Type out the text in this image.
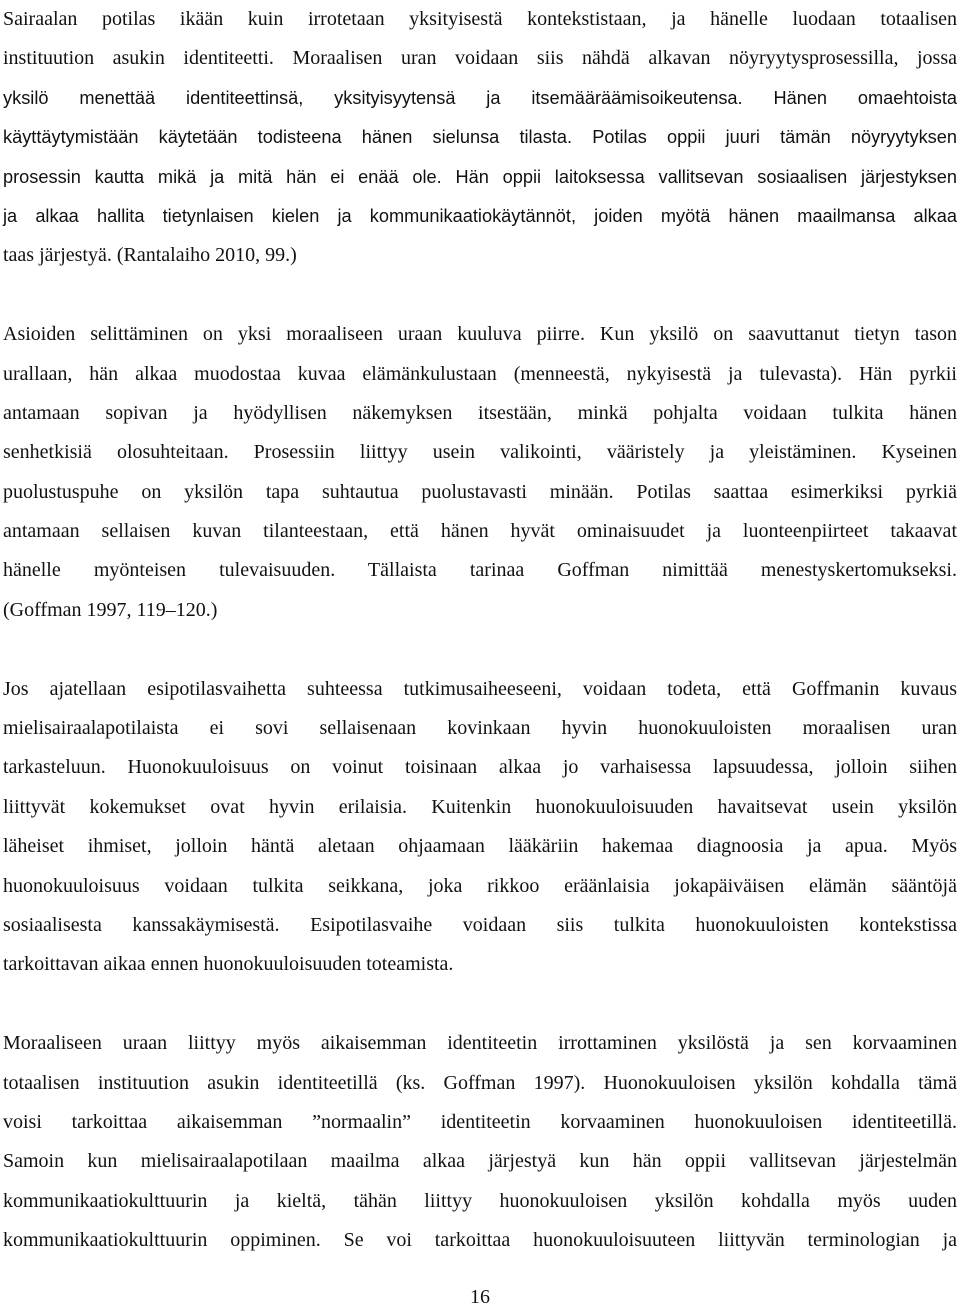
Sairaalan potilas ikään kuin irrotetaan yksityisestä kontekstistaan, ja hänelle luodaan totaalisen
instituution asukin identiteetti. Moraalisen uran voidaan siis nähdä alkavan nöyryytysprosessilla, jossa
yksilö menettää identiteettinsä, yksityisyytensä ja itsemääräämisoikeutensa. Hänen omaehtoista
käyttäytymistään käytetään todisteena hänen sielunsa tilasta. Potilas oppii juuri tämän nöyryytyksen
prosessin kautta mikä ja mitä hän ei enää ole. Hän oppii laitoksessa vallitsevan sosiaalisen järjestyksen
ja alkaa hallita tietynlaisen kielen ja kommunikaatiokäytännöt, joiden myötä hänen maailmansa alkaa
taas järjestyä. (Rantalaiho 2010, 99.)
Asioiden selittäminen on yksi moraaliseen uraan kuuluva piirre. Kun yksilö on saavuttanut tietyn tason
urallaan, hän alkaa muodostaa kuvaa elämänkulustaan (menneestä, nykyisestä ja tulevasta). Hän pyrkii
antamaan sopivan ja hyödyllisen näkemyksen itsestään, minkä pohjalta voidaan tulkita hänen
senhetkisiä olosuhteitaan. Prosessiin liittyy usein valikointi, vääristely ja yleistäminen. Kyseinen
puolustuspuhe on yksilön tapa suhtautua puolustavasti minään. Potilas saattaa esimerkiksi pyrkiä
antamaan sellaisen kuvan tilanteestaan, että hänen hyvät ominaisuudet ja luonteenpiirteet takaavat
hänelle myönteisen tulevaisuuden. Tällaista tarinaa Goffman nimittää menestyskertomukseksi.
(Goffman 1997, 119–120.)
Jos ajatellaan esipotilasvaihetta suhteessa tutkimusaiheeseeni, voidaan todeta, että Goffmanin kuvaus
mielisairaalapotilaista ei sovi sellaisenaan kovinkaan hyvin huonokuuloisten moraalisen uran
tarkasteluun. Huonokuuloisuus on voinut toisinaan alkaa jo varhaisessa lapsuudessa, jolloin siihen
liittyvät kokemukset ovat hyvin erilaisia. Kuitenkin huonokuuloisuuden havaitsevat usein yksilön
läheiset ihmiset, jolloin häntä aletaan ohjaamaan lääkäriin hakemaa diagnoosia ja apua. Myös
huonokuuloisuus voidaan tulkita seikkana, joka rikkoo eräänlaisia jokapäiväisen elämän sääntöjä
sosiaalisesta kanssakäymisestä. Esipotilasvaihe voidaan siis tulkita huonokuuloisten kontekstissa
tarkoittavan aikaa ennen huonokuuloisuuden toteamista.
Moraaliseen uraan liittyy myös aikaisemman identiteetin irrottaminen yksilöstä ja sen korvaaminen
totaalisen instituution asukin identiteetillä (ks. Goffman 1997). Huonokuuloisen yksilön kohdalla tämä
voisi tarkoittaa aikaisemman ”normaalin” identiteetin korvaaminen huonokuuloisen identiteetillä.
Samoin kun mielisairaalapotilaan maailma alkaa järjestyä kun hän oppii vallitsevan järjestelmän
kommunikaatiokulttuurin ja kieltä, tähän liittyy huonokuuloisen yksilön kohdalla myös uuden
kommunikaatiokulttuurin oppiminen. Se voi tarkoittaa huonokuuloisuuteen liittyvän terminologian ja
16
